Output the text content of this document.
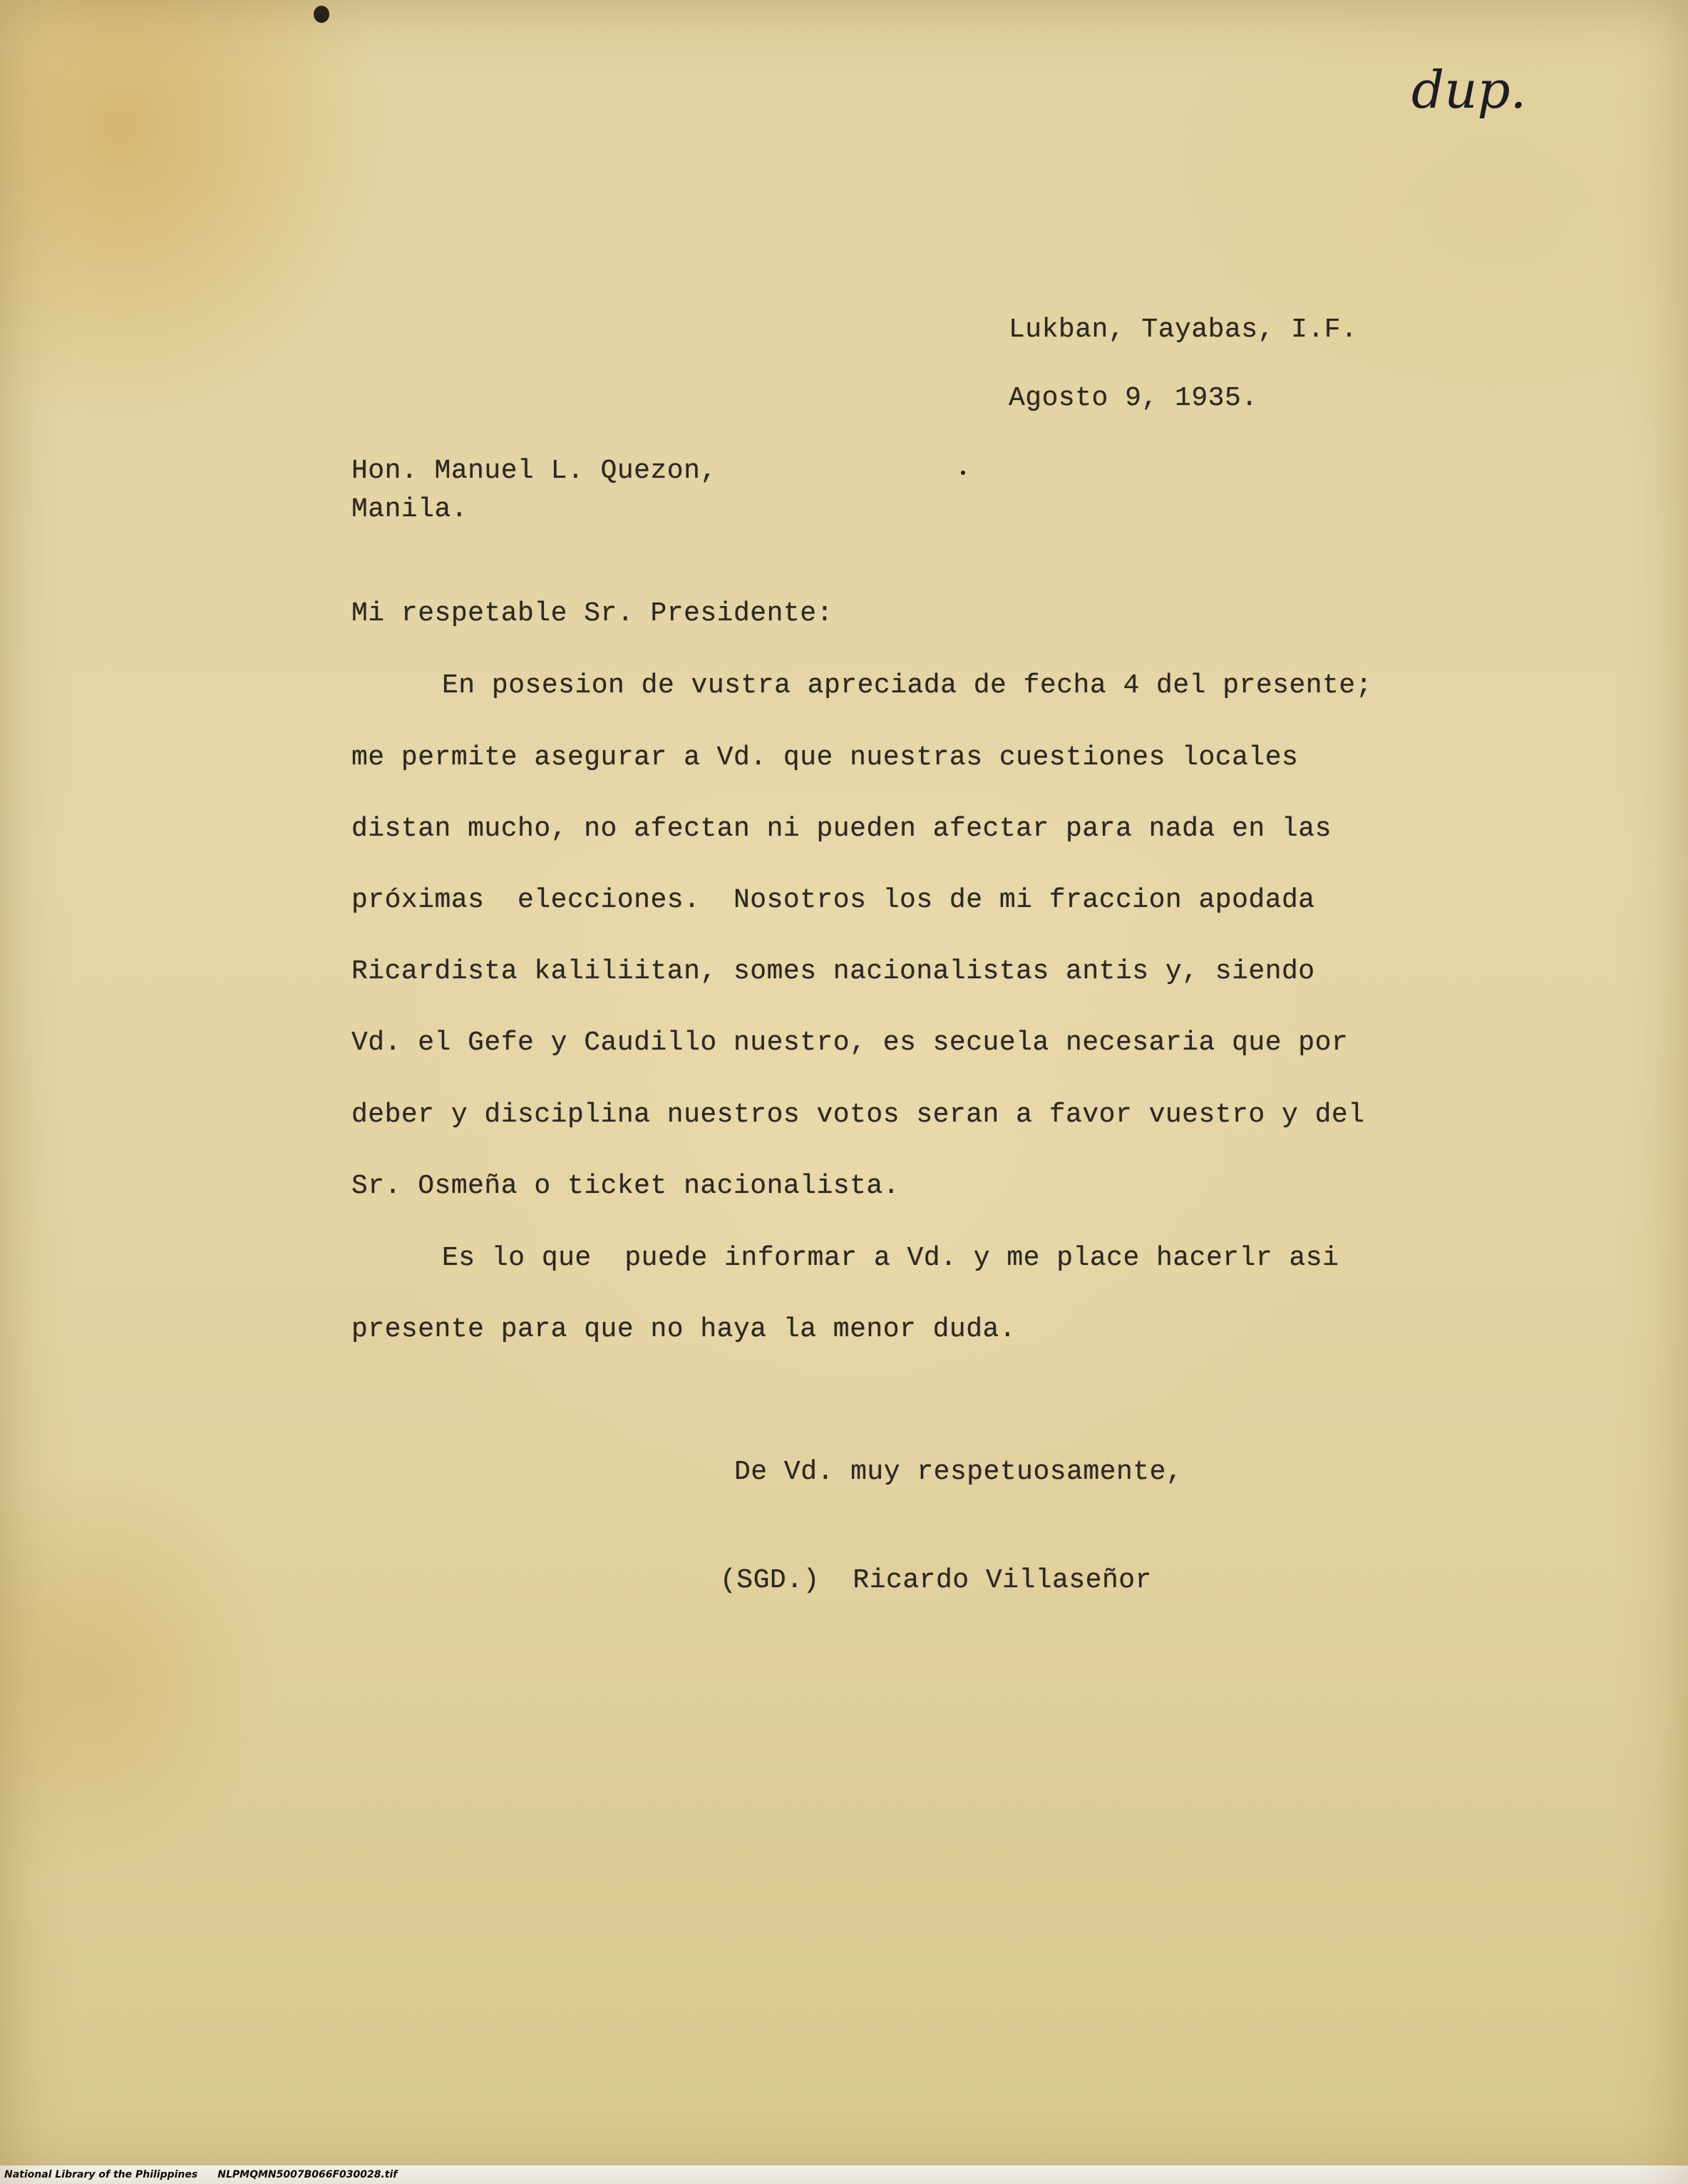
dup.
Lukban, Tayabas, I.F.
Agosto 9, 1935.
Hon. Manuel L. Quezon,
Manila.
Mi respetable Sr. Presidente:
En posesion de vustra apreciada de fecha 4 del presente;
me permite asegurar a Vd. que nuestras cuestiones locales
distan mucho, no afectan ni pueden afectar para nada en las
próximas  elecciones.  Nosotros los de mi fraccion apodada
Ricardista kaliliitan, somes nacionalistas antis y, siendo
Vd. el Gefe y Caudillo nuestro, es secuela necesaria que por
deber y disciplina nuestros votos seran a favor vuestro y del
Sr. Osmeña o ticket nacionalista.
Es lo que  puede informar a Vd. y me place hacerlr asi
presente para que no haya la menor duda.
De Vd. muy respetuosamente,
(SGD.)  Ricardo Villaseñor
National Library of the Philippines NLPMQMN5007B066F030028.tif
